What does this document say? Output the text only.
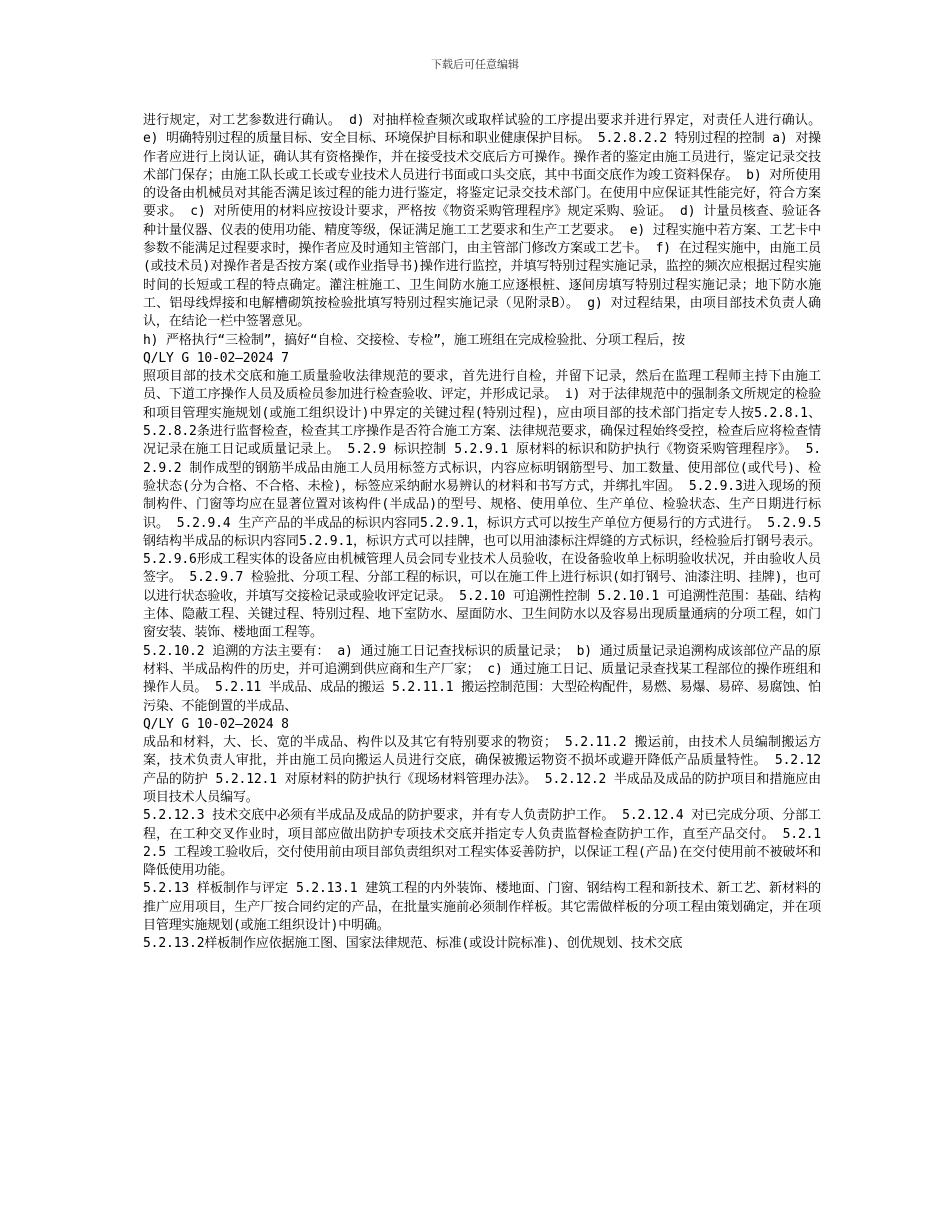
下载后可任意编辑

进行规定，对工艺参数进行确认。 d) 对抽样检查频次或取样试验的工序提出要求并进行界定，对责任人进行确认。 e) 明确特别过程的质量目标、安全目标、环境保护目标和职业健康保护目标。 5.2.8.2.2 特别过程的控制 a) 对操作者应进行上岗认证，确认其有资格操作，并在接受技术交底后方可操作。操作者的鉴定由施工员进行，鉴定记录交技术部门保存；由施工队长或工长或专业技术人员进行书面或口头交底，其中书面交底作为竣工资料保存。 b) 对所使用的设备由机械员对其能否满足该过程的能力进行鉴定，将鉴定记录交技术部门。在使用中应保证其性能完好，符合方案要求。 c) 对所使用的材料应按设计要求，严格按《物资采购管理程序》规定采购、验证。 d) 计量员核查、验证各种计量仪器、仪表的使用功能、精度等级，保证满足施工工艺要求和生产工艺要求。 e) 过程实施中若方案、工艺卡中参数不能满足过程要求时，操作者应及时通知主管部门，由主管部门修改方案或工艺卡。 f) 在过程实施中，由施工员(或技术员)对操作者是否按方案(或作业指导书)操作进行监控，并填写特别过程实施记录，监控的频次应根据过程实施时间的长短或工程的特点确定。灌注桩施工、卫生间防水施工应逐根桩、逐间房填写特别过程实施记录；地下防水施工、铝母线焊接和电解槽砌筑按检验批填写特别过程实施记录（见附录B）。 g) 对过程结果，由项目部技术负责人确认，在结论一栏中签署意见。

h) 严格执行“三检制”，搞好“自检、交接检、专检”，施工班组在完成检验批、分项工程后，按

Q/LY G 10-02—2024 7

照项目部的技术交底和施工质量验收法律规范的要求，首先进行自检，并留下记录，然后在监理工程师主持下由施工员、下道工序操作人员及质检员参加进行检查验收、评定，并形成记录。 i) 对于法律规范中的强制条文所规定的检验和项目管理实施规划(或施工组织设计)中界定的关键过程(特别过程)，应由项目部的技术部门指定专人按5.2.8.1、5.2.8.2条进行监督检查，检查其工序操作是否符合施工方案、法律规范要求，确保过程始终受控，检查后应将检查情况记录在施工日记或质量记录上。 5.2.9 标识控制 5.2.9.1 原材料的标识和防护执行《物资采购管理程序》。 5.2.9.2 制作成型的钢筋半成品由施工人员用标签方式标识，内容应标明钢筋型号、加工数量、使用部位(或代号)、检验状态(分为合格、不合格、未检)，标签应采纳耐水易辨认的材料和书写方式，并绑扎牢固。 5.2.9.3进入现场的预制构件、门窗等均应在显著位置对该构件(半成品)的型号、规格、使用单位、生产单位、检验状态、生产日期进行标识。 5.2.9.4 生产产品的半成品的标识内容同5.2.9.1，标识方式可以按生产单位方便易行的方式进行。 5.2.9.5 钢结构半成品的标识内容同5.2.9.1，标识方式可以挂牌，也可以用油漆标注焊缝的方式标识，经检验后打钢号表示。 5.2.9.6形成工程实体的设备应由机械管理人员会同专业技术人员验收，在设备验收单上标明验收状况，并由验收人员签字。 5.2.9.7 检验批、分项工程、分部工程的标识，可以在施工件上进行标识(如打钢号、油漆注明、挂牌)，也可以进行状态验收，并填写交接检记录或验收评定记录。 5.2.10 可追溯性控制 5.2.10.1 可追溯性范围：基础、结构主体、隐蔽工程、关键过程、特别过程、地下室防水、屋面防水、卫生间防水以及容易出现质量通病的分项工程，如门窗安装、装饰、楼地面工程等。

5.2.10.2 追溯的方法主要有： a) 通过施工日记查找标识的质量记录； b) 通过质量记录追溯构成该部位产品的原材料、半成品构件的历史，并可追溯到供应商和生产厂家； c) 通过施工日记、质量记录查找某工程部位的操作班组和操作人员。 5.2.11 半成品、成品的搬运 5.2.11.1 搬运控制范围：大型砼构配件，易燃、易爆、易碎、易腐蚀、怕污染、不能倒置的半成品、

Q/LY G 10-02—2024 8

成品和材料，大、长、宽的半成品、构件以及其它有特别要求的物资； 5.2.11.2 搬运前，由技术人员编制搬运方案，技术负责人审批，并由施工员向搬运人员进行交底，确保被搬运物资不损坏或避开降低产品质量特性。 5.2.12 产品的防护 5.2.12.1 对原材料的防护执行《现场材料管理办法》。 5.2.12.2 半成品及成品的防护项目和措施应由项目技术人员编写。

5.2.12.3 技术交底中必须有半成品及成品的防护要求，并有专人负责防护工作。 5.2.12.4 对已完成分项、分部工程，在工种交叉作业时，项目部应做出防护专项技术交底并指定专人负责监督检查防护工作，直至产品交付。 5.2.12.5 工程竣工验收后，交付使用前由项目部负责组织对工程实体妥善防护，以保证工程(产品)在交付使用前不被破坏和降低使用功能。

5.2.13 样板制作与评定 5.2.13.1 建筑工程的内外装饰、楼地面、门窗、钢结构工程和新技术、新工艺、新材料的推广应用项目，生产厂按合同约定的产品，在批量实施前必须制作样板。其它需做样板的分项工程由策划确定，并在项目管理实施规划(或施工组织设计)中明确。

5.2.13.2样板制作应依据施工图、国家法律规范、标准(或设计院标准)、创优规划、技术交底
